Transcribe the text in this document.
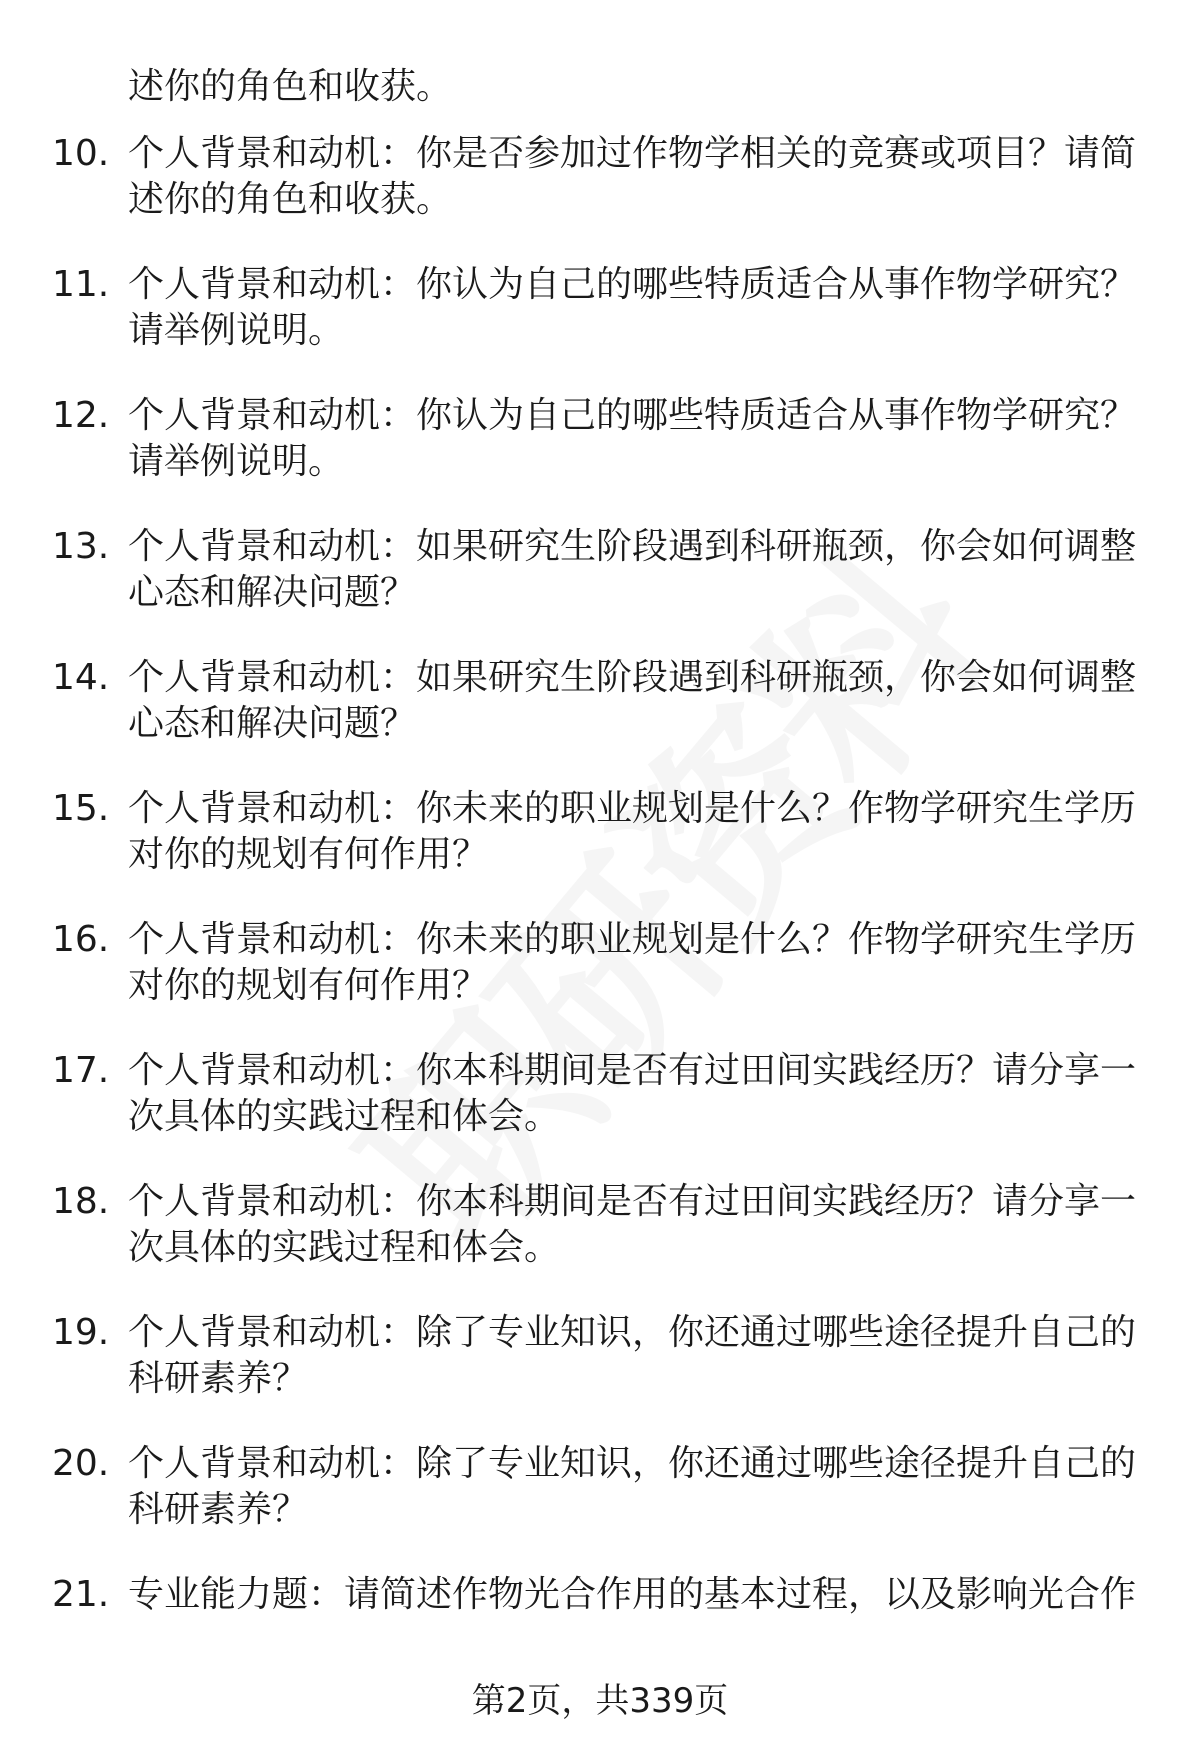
述你的角色和收获。
10. 个人背景和动机：你是否参加过作物学相关的竞赛或项目？请简
述你的角色和收获。
11. 个人背景和动机：你认为自己的哪些特质适合从事作物学研究？
请举例说明。
12. 个人背景和动机：你认为自己的哪些特质适合从事作物学研究？
请举例说明。
13. 个人背景和动机：如果研究生阶段遇到科研瓶颈，你会如何调整
心态和解决问题？
14. 个人背景和动机：如果研究生阶段遇到科研瓶颈，你会如何调整
心态和解决问题？
15. 个人背景和动机：你未来的职业规划是什么？作物学研究生学历
对你的规划有何作用？
16. 个人背景和动机：你未来的职业规划是什么？作物学研究生学历
对你的规划有何作用？
17. 个人背景和动机：你本科期间是否有过田间实践经历？请分享一
次具体的实践过程和体会。
18. 个人背景和动机：你本科期间是否有过田间实践经历？请分享一
次具体的实践过程和体会。
19. 个人背景和动机：除了专业知识，你还通过哪些途径提升自己的
科研素养？
20. 个人背景和动机：除了专业知识，你还通过哪些途径提升自己的
科研素养？
21. 专业能力题：请简述作物光合作用的基本过程，以及影响光合作
第2页，共339页
